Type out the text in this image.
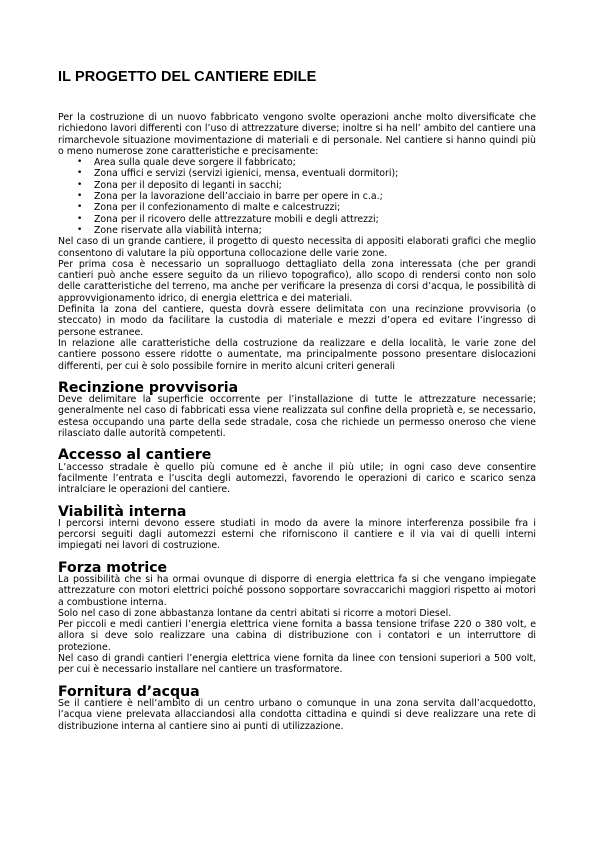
IL PROGETTO DEL CANTIERE EDILE

Per la costruzione di un nuovo fabbricato vengono svolte operazioni anche molto diversificate che richiedono lavori differenti con l’uso di attrezzature diverse; inoltre si ha nell’ ambito del cantiere una rimarchevole situazione movimentazione di materiali e di personale. Nel cantiere si hanno quindi più o meno numerose zone caratteristiche e precisamente:

• Area sulla quale deve sorgere il fabbricato;
• Zona uffici e servizi (servizi igienici, mensa, eventuali dormitori);
• Zona per il deposito di leganti in sacchi;
• Zona per la lavorazione dell’acciaio in barre per opere in c.a.;
• Zona per il confezionamento di malte e calcestruzzi;
• Zona per il ricovero delle attrezzature mobili e degli attrezzi;
• Zone riservate alla viabilità interna;

Nel caso di un grande cantiere, il progetto di questo necessita di appositi elaborati grafici che meglio consentono di valutare la più opportuna collocazione delle varie zone.

Per prima cosa è necessario un sopralluogo dettagliato della zona interessata (che per grandi cantieri può anche essere seguito da un rilievo topografico), allo scopo di rendersi conto non solo delle caratteristiche del terreno, ma anche per verificare la presenza di corsi d’acqua, le possibilità di approvvigionamento idrico, di energia elettrica e dei materiali.

Definita la zona del cantiere, questa dovrà essere delimitata con una recinzione provvisoria (o steccato) in modo da facilitare la custodia di materiale e mezzi d’opera ed evitare l’ingresso di persone estranee.

In relazione alle caratteristiche della costruzione da realizzare e della località, le varie zone del cantiere possono essere ridotte o aumentate, ma principalmente possono presentare dislocazioni differenti, per cui è solo possibile fornire in merito alcuni criteri generali

Recinzione provvisoria

Deve delimitare la superficie occorrente per l’installazione di tutte le attrezzature necessarie; generalmente nel caso di fabbricati essa viene realizzata sul confine della proprietà e, se necessario, estesa occupando una parte della sede stradale, cosa che richiede un permesso oneroso che viene rilasciato dalle autorità competenti.

Accesso al cantiere

L’accesso stradale è quello più comune ed è anche il più utile; in ogni caso deve consentire facilmente l’entrata e l’uscita degli automezzi, favorendo le operazioni di carico e scarico senza intralciare le operazioni del cantiere.

Viabilità interna

I percorsi interni devono essere studiati in modo da avere la minore interferenza possibile fra i percorsi seguiti dagli automezzi esterni che riforniscono il cantiere e il via vai di quelli interni impiegati nei lavori di costruzione.

Forza motrice

La possibilità che si ha ormai ovunque di disporre di energia elettrica fa si che vengano impiegate attrezzature con motori elettrici poiché possono sopportare sovraccarichi maggiori rispetto ai motori a combustione interna.

Solo nel caso di zone abbastanza lontane da centri abitati si ricorre a motori Diesel.

Per piccoli e medi cantieri l’energia elettrica viene fornita a bassa tensione trifase 220 o 380 volt, e allora si deve solo realizzare una cabina di distribuzione con i contatori e un interruttore di protezione.

Nel caso di grandi cantieri l’energia elettrica viene fornita da linee con tensioni superiori a 500 volt, per cui è necessario installare nel cantiere un trasformatore.

Fornitura d’acqua

Se il cantiere è nell’ambito di un centro urbano o comunque in una zona servita dall’acquedotto, l’acqua viene prelevata allacciandosi alla condotta cittadina e quindi si deve realizzare una rete di distribuzione interna al cantiere sino ai punti di utilizzazione.
